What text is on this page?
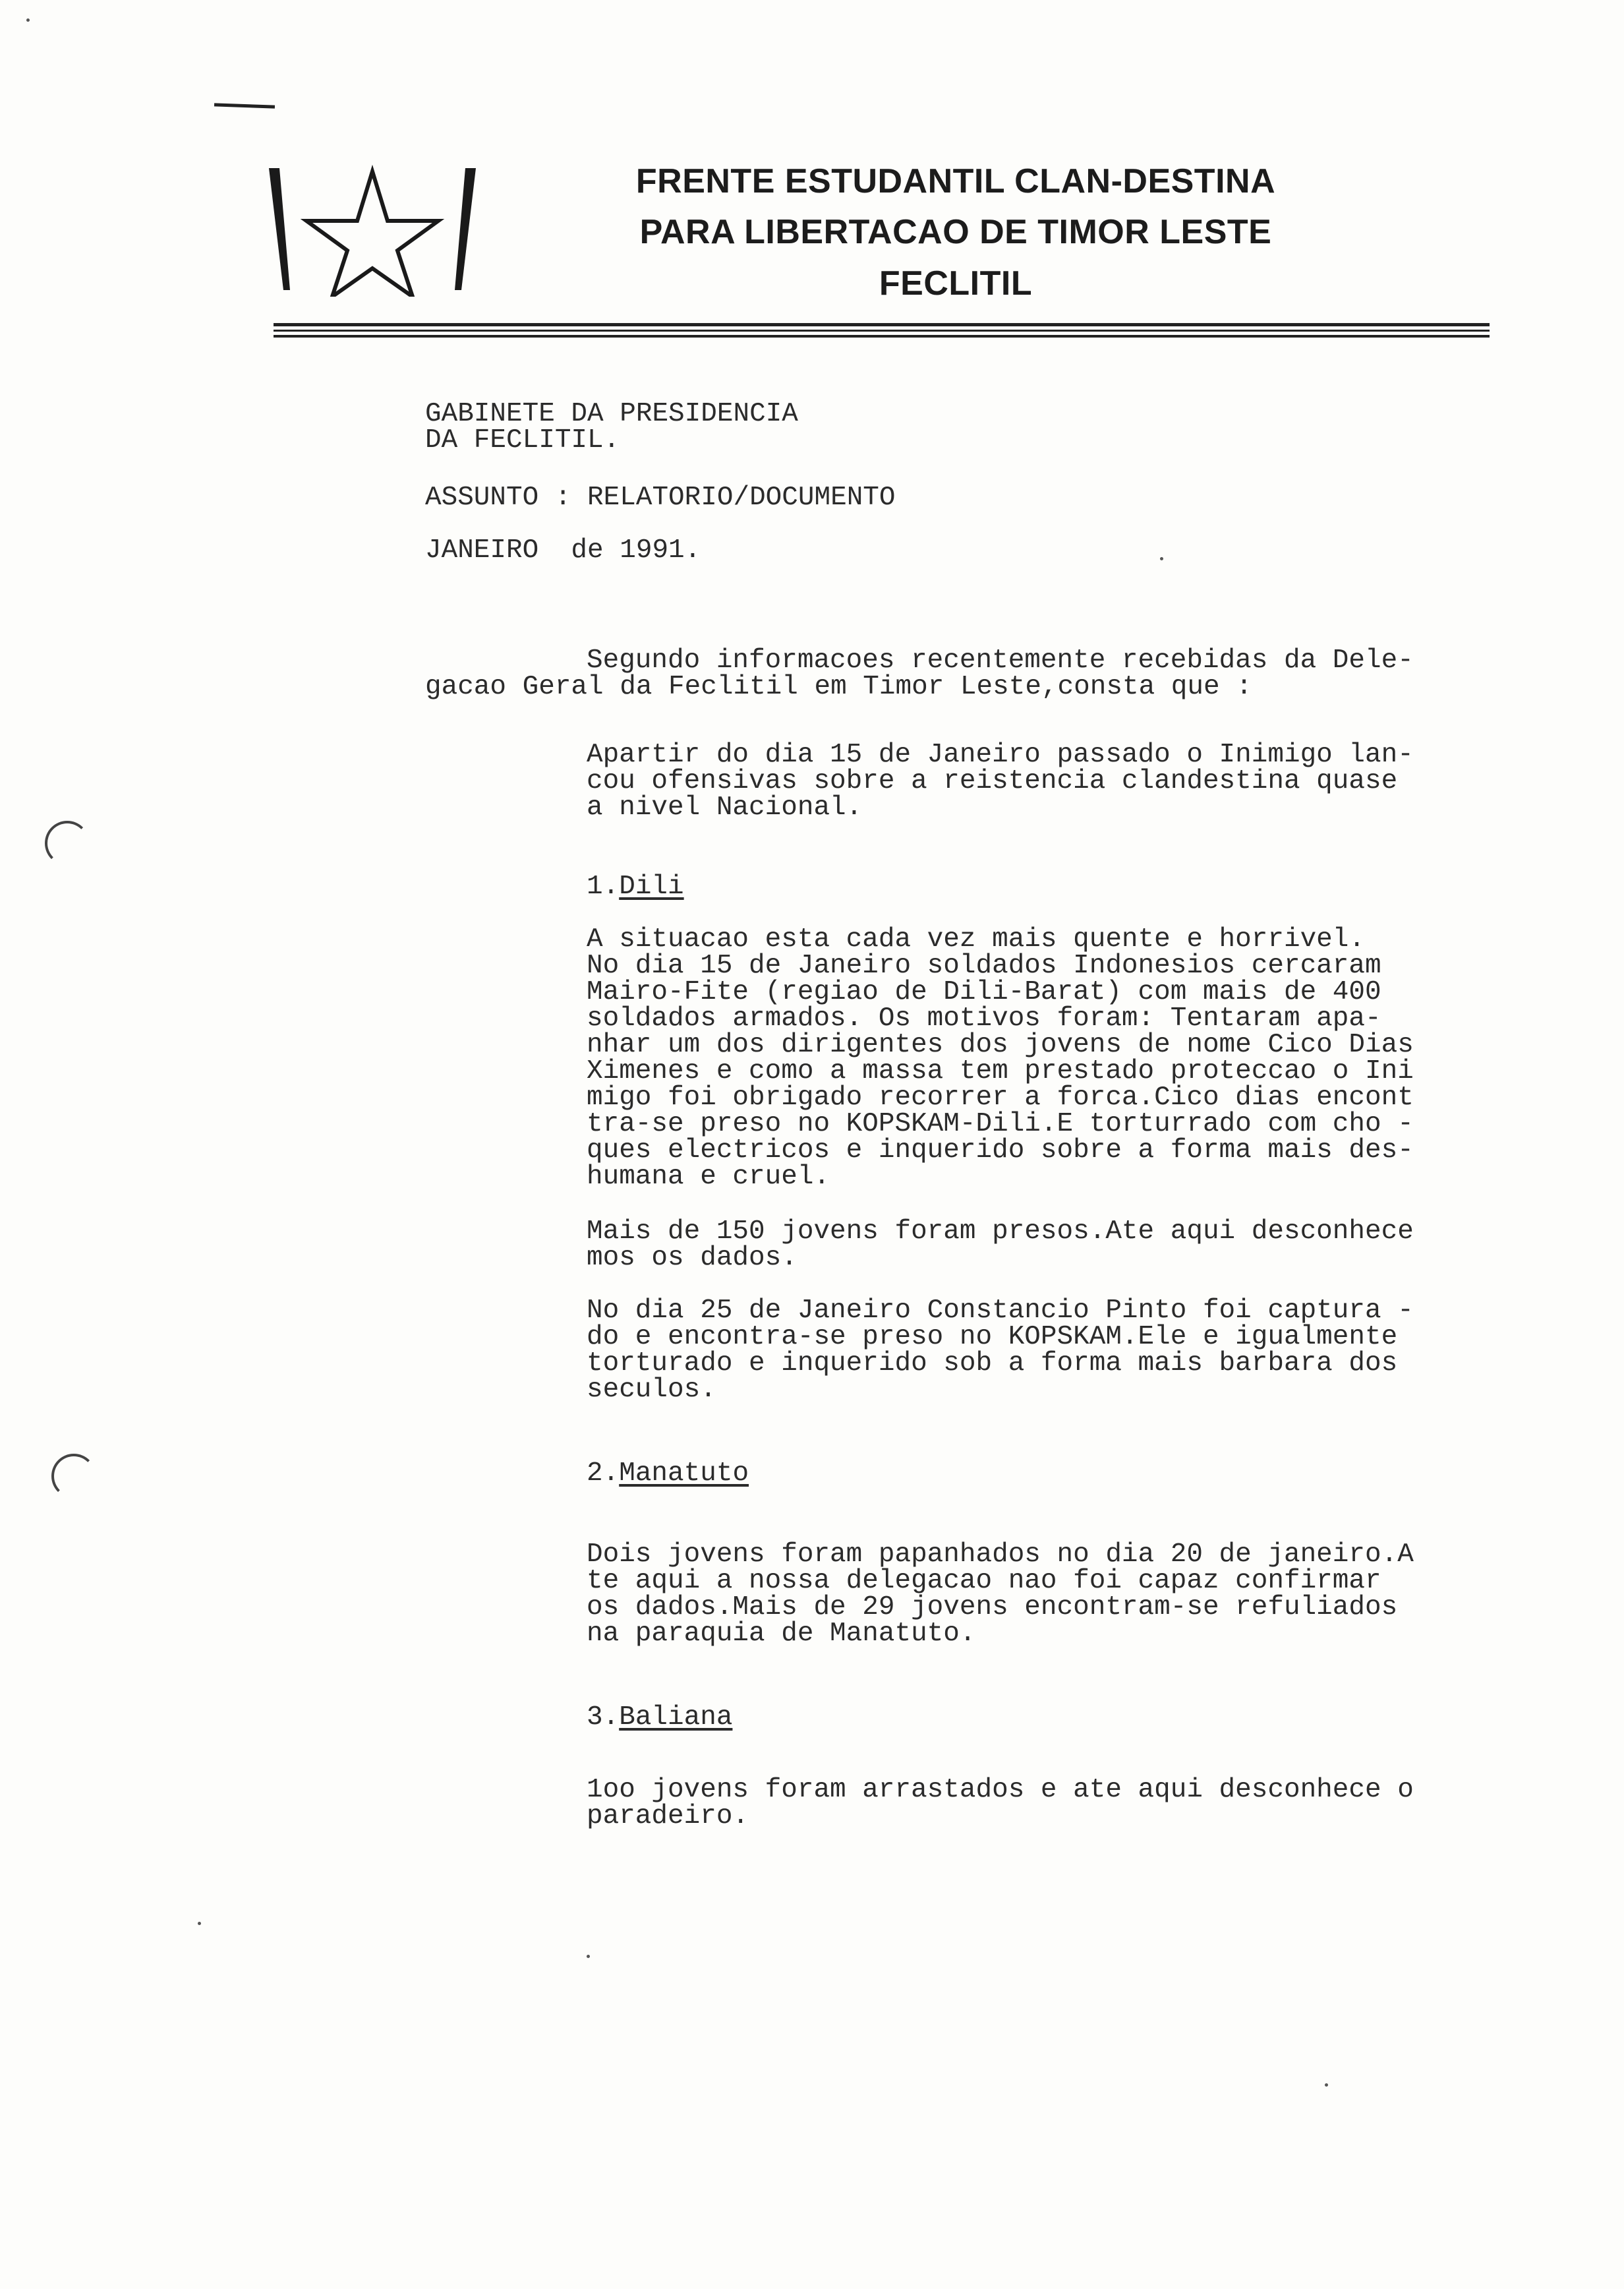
FRENTE ESTUDANTIL CLAN-DESTINA
PARA LIBERTACAO DE TIMOR LESTE
FECLITIL
GABINETE DA PRESIDENCIA
DA FECLITIL.
ASSUNTO : RELATORIO/DOCUMENTO
JANEIRO  de 1991.
Segundo informacoes recentemente recebidas da Dele-
gacao Geral da Feclitil em Timor Leste,consta que :
Apartir do dia 15 de Janeiro passado o Inimigo lan-
cou ofensivas sobre a reistencia clandestina quase
a nivel Nacional.
1.Dili
A situacao esta cada vez mais quente e horrivel.
No dia 15 de Janeiro soldados Indonesios cercaram
Mairo-Fite (regiao de Dili-Barat) com mais de 400
soldados armados. Os motivos foram: Tentaram apa-
nhar um dos dirigentes dos jovens de nome Cico Dias
Ximenes e como a massa tem prestado proteccao o Ini
migo foi obrigado recorrer a forca.Cico dias encont
tra-se preso no KOPSKAM-Dili.E torturrado com cho -
ques electricos e inquerido sobre a forma mais des-
humana e cruel.
Mais de 150 jovens foram presos.Ate aqui desconhece
mos os dados.
No dia 25 de Janeiro Constancio Pinto foi captura -
do e encontra-se preso no KOPSKAM.Ele e igualmente
torturado e inquerido sob a forma mais barbara dos
seculos.
2.Manatuto
Dois jovens foram papanhados no dia 20 de janeiro.A
te aqui a nossa delegacao nao foi capaz confirmar
os dados.Mais de 29 jovens encontram-se refuliados
na paraquia de Manatuto.
3.Baliana
1oo jovens foram arrastados e ate aqui desconhece o
paradeiro.
